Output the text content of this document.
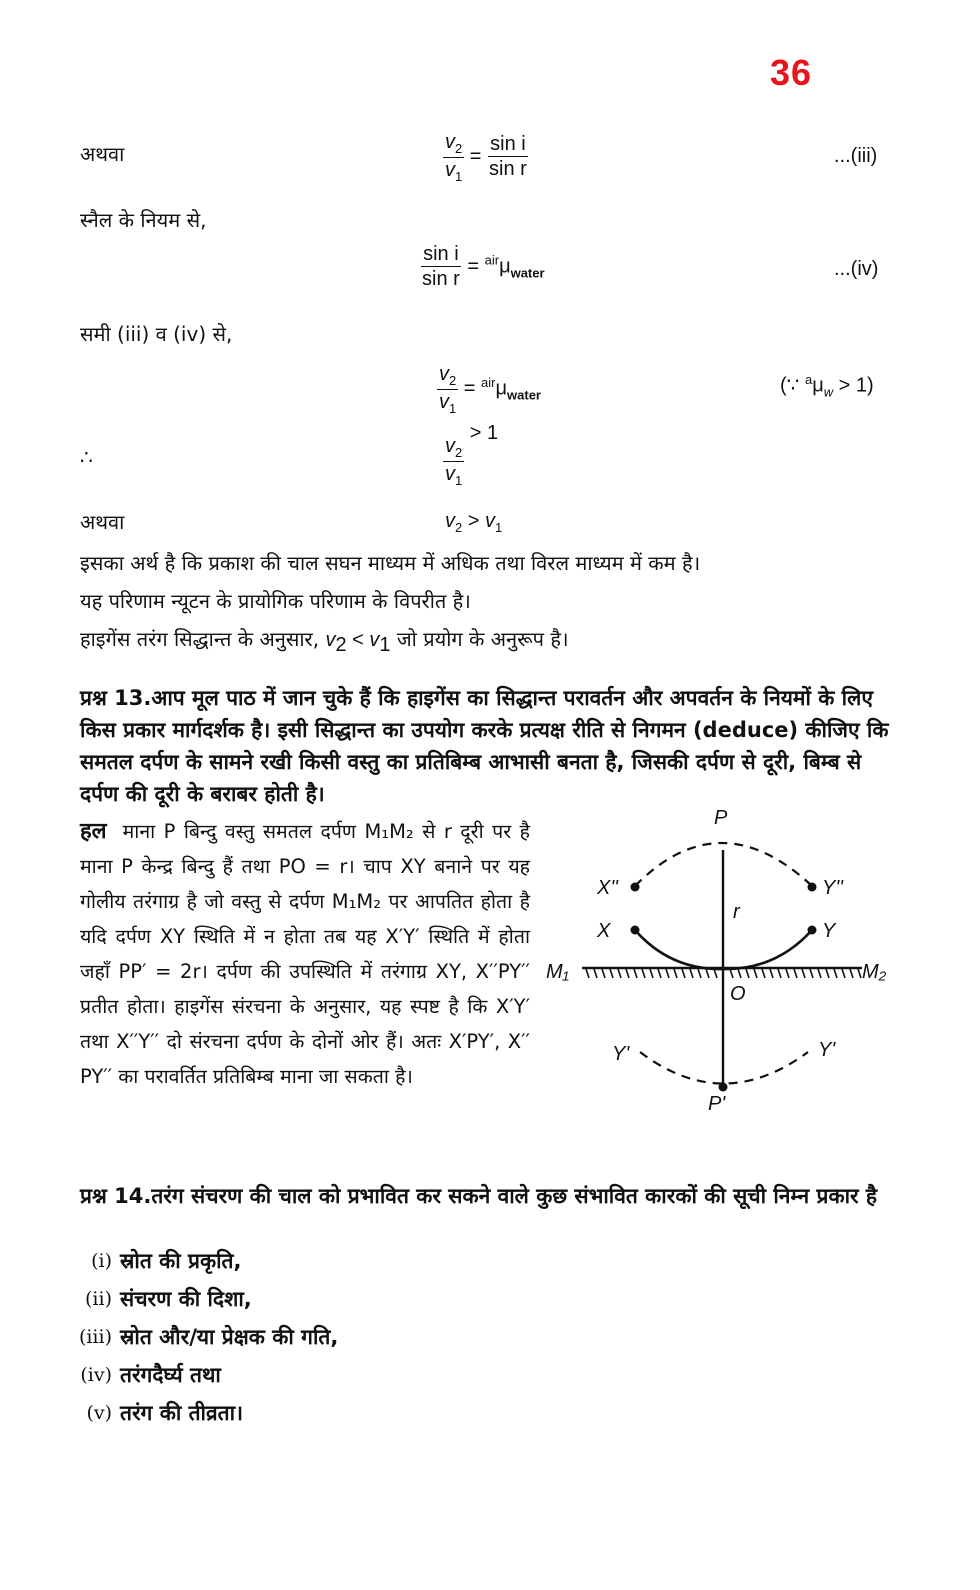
36
अथवा	$\frac{v_2}{v_1} = \frac{\text{sin i}}{\text{sin r}}$	...(iii)
स्नैल के नियम से,
$\frac{\text{sin i}}{\text{sin r}} = ^{air}\mu_{water}$	...(iv)
समी (iii) व (iv) से,
$\frac{v_2}{v_1} = ^{air}\mu_{water}$	(∵ $^a\mu_w > 1$)
∴	$\frac{v_2}{v_1}$
> 1
अथवा	$v_2 > v_1$
इसका अर्थ है कि प्रकाश की चाल सघन माध्यम में अधिक तथा विरल माध्यम में कम है।
यह परिणाम न्यूटन के प्रायोगिक परिणाम के विपरीत है।
हाइगेंस तरंग सिद्धान्त के अनुसार, $v_2 < v_1$ जो प्रयोग के अनुरूप है।
प्रश्न 13.आप मूल पाठ में जान चुके हैं कि हाइगेंस का सिद्धान्त परावर्तन और अपवर्तन के नियमों के लिए किस प्रकार मार्गदर्शक है। इसी सिद्धान्त का उपयोग करके प्रत्यक्ष रीति से निगमन (deduce) कीजिए कि समतल दर्पण के सामने रखी किसी वस्तु का प्रतिबिम्ब आभासी बनता है, जिसकी दर्पण से दूरी, बिम्ब से दर्पण की दूरी के बराबर होती है।
हल माना P बिन्दु वस्तु समतल दर्पण M₁M₂ से r दूरी पर है माना P केन्द्र बिन्दु हैं तथा PO = r। चाप XY बनाने पर यह गोलीय तरंगाग्र है जो वस्तु से दर्पण M₁M₂ पर आपतित होता है यदि दर्पण XY स्थिति में न होता तब यह X′Y′ स्थिति में होता जहाँ PP′ = 2r। दर्पण की उपस्थिति में तरंगाग्र XY, X′′PY′′ प्रतीत होता। हाइगेंस संरचना के अनुसार, यह स्पष्ट है कि X′Y′ तथा X′′Y′′ दो संरचना दर्पण के दोनों ओर हैं। अतः X′PY′, X′′ PY′′ का परावर्तित प्रतिबिम्ब माना जा सकता है।
P
r
X''	Y''
X	Y
M₁	M₂
O
Y'	Y'
P'
प्रश्न 14.तरंग संचरण की चाल को प्रभावित कर सकने वाले कुछ संभावित कारकों की सूची निम्न प्रकार है
(i) स्रोत की प्रकृति,
(ii) संचरण की दिशा,
(iii) स्रोत और/या प्रेक्षक की गति,
(iv) तरंगदैर्घ्य तथा
(v) तरंग की तीव्रता।
